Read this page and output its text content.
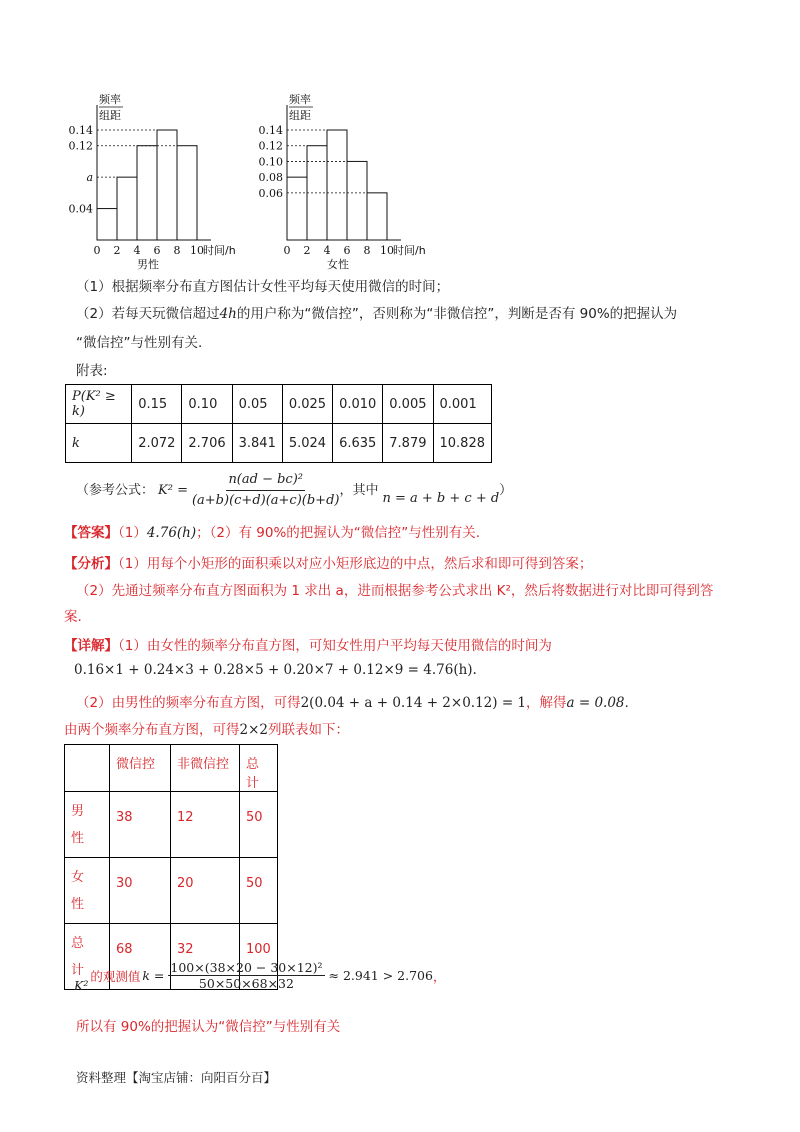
频率
组距
0.14
0.12
a
0.04
0 2 4 6 8 10 时间/h
男性
频率
组距
0.14
0.12
0.10
0.08
0.06
0 2 4 6 8 10 时间/h
女性
（1）根据频率分布直方图估计女性平均每天使用微信的时间；
（2）若每天玩微信超过4h的用户称为“微信控”，否则称为“非微信控”，判断是否有 90%的把握认为
“微信控”与性别有关.
附表:
P(K² ≥ k)	0.15	0.10	0.05	0.025	0.010	0.005	0.001
k	2.072	2.706	3.841	5.024	6.635	7.879	10.828
（参考公式： $K^2 = \frac{\text{n(ad − bc)²}}{(a+b)(c+d)(a+c)(b+d)}$ ，其中
n = a + b + c + d
）
【答案】（1）4.76(h)；（2）有 90%的把握认为“微信控”与性别有关.
【分析】（1）用每个小矩形的面积乘以对应小矩形底边的中点，然后求和即可得到答案；
（2）先通过频率分布直方图面积为 1 求出 a，进而根据参考公式求出 K²，然后将数据进行对比即可得到答
案.
【详解】（1）由女性的频率分布直方图，可知女性用户平均每天使用微信的时间为
0.16×1 + 0.24×3 + 0.28×5 + 0.20×7 + 0.12×9 = 4.76(h).
（2）由男性的频率分布直方图，可得2(0.04 + a + 0.14 + 2×0.12) = 1，解得a = 0.08.
由两个频率分布直方图，可得2×2列联表如下：
	微信控	非微信控	总计
男
性	38	12	50
女
性	30	20	50
总
计	68	32	100
K²
的观测值 $k = \frac{\text{100×(38×20 − 30×12)²}}{50\times 50\times 68\times 32} \approx 2.941 > 2.706$ ，
所以有 90%的把握认为“微信控”与性别有关
资料整理【淘宝店铺：向阳百分百】
